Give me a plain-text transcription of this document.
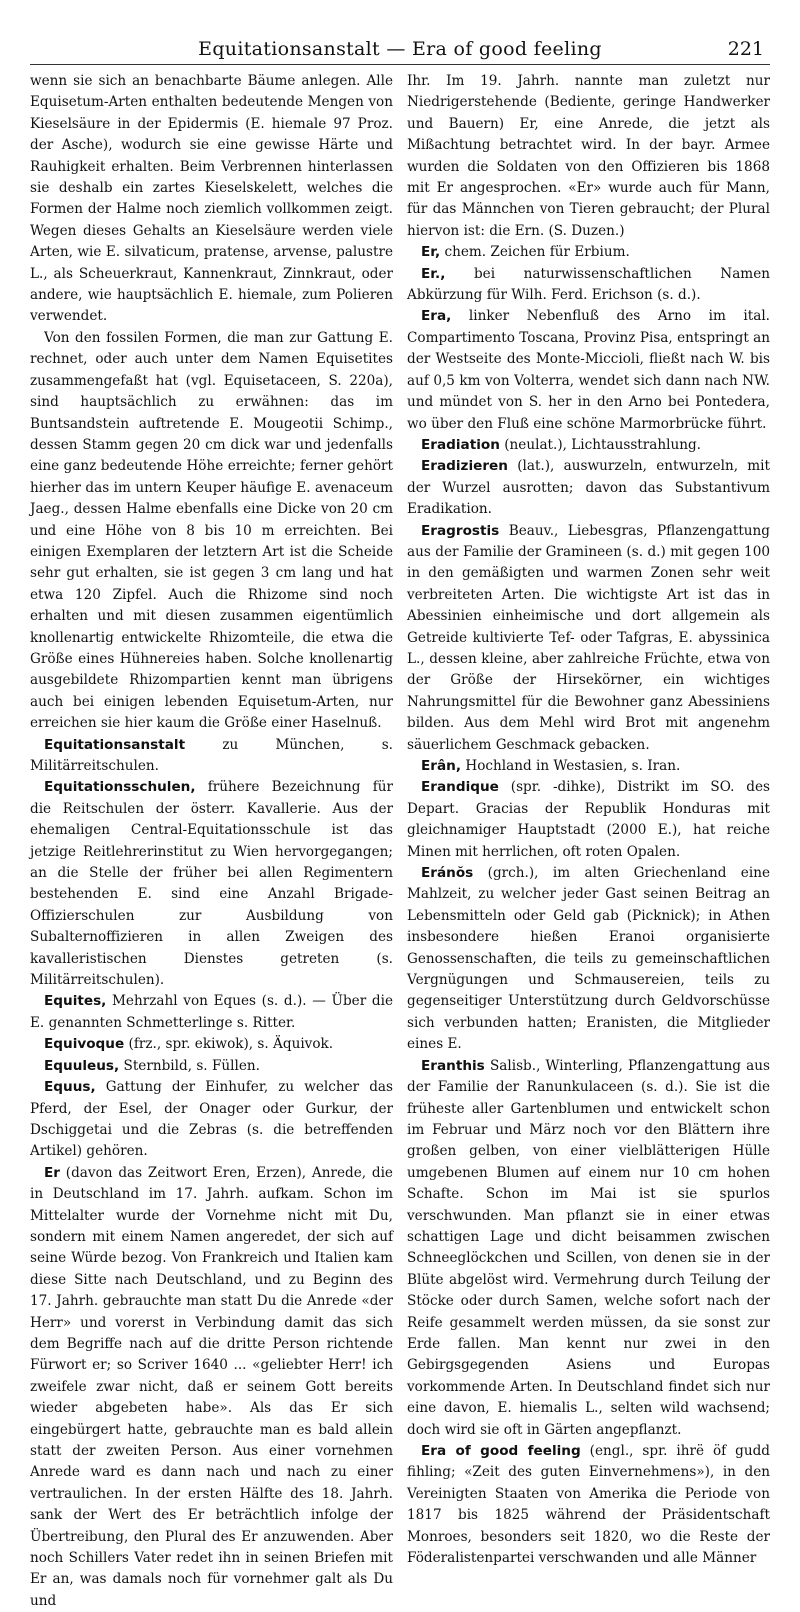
Equitationsanstalt — Era of good feeling	221

wenn sie sich an benachbarte Bäume anlegen. Alle Equisetum-Arten enthalten bedeutende Mengen von Kieselsäure in der Epidermis (E. hiemale 97 Proz. der Asche), wodurch sie eine gewisse Härte und Rauhigkeit erhalten. Beim Verbrennen hinterlassen sie deshalb ein zartes Kieselskelett, welches die Formen der Halme noch ziemlich vollkommen zeigt. Wegen dieses Gehalts an Kieselsäure werden viele Arten, wie E. silvaticum, pratense, arvense, palustre L., als Scheuerkraut, Kannenkraut, Zinnkraut, oder andere, wie hauptsächlich E. hiemale, zum Polieren verwendet.

Von den fossilen Formen, die man zur Gattung E. rechnet, oder auch unter dem Namen Equisetites zusammengefaßt hat (vgl. Equisetaceen, S. 220a), sind hauptsächlich zu erwähnen: das im Buntsandstein auftretende E. Mougeotii Schimp., dessen Stamm gegen 20 cm dick war und jedenfalls eine ganz bedeutende Höhe erreichte; ferner gehört hierher das im untern Keuper häufige E. avenaceum Jaeg., dessen Halme ebenfalls eine Dicke von 20 cm und eine Höhe von 8 bis 10 m erreichten. Bei einigen Exemplaren der letztern Art ist die Scheide sehr gut erhalten, sie ist gegen 3 cm lang und hat etwa 120 Zipfel. Auch die Rhizome sind noch erhalten und mit diesen zusammen eigentümlich knollenartig entwickelte Rhizomteile, die etwa die Größe eines Hühnereies haben. Solche knollenartig ausgebildete Rhizompartien kennt man übrigens auch bei einigen lebenden Equisetum-Arten, nur erreichen sie hier kaum die Größe einer Haselnuß.

Equitationsanstalt	zu München, s. Militärreitschulen.

Equitationsschulen, frühere Bezeichnung für die Reitschulen der österr. Kavallerie. Aus der ehemaligen Central-Equitationsschule ist das jetzige Reitlehrerinstitut zu Wien hervorgegangen; an die Stelle der früher bei allen Regimentern bestehenden E. sind eine Anzahl Brigade-Offizierschulen zur Ausbildung von Subalternoffizieren in allen Zweigen des kavalleristischen Dienstes getreten (s. Militärreitschulen).

Equites, Mehrzahl von Eques (s. d.). — Über die E. genannten Schmetterlinge s. Ritter.

Equivoque (frz., spr. ekiwok), s. Äquivok.

Equuleus, Sternbild, s. Füllen.

Equus, Gattung der Einhufer, zu welcher das Pferd, der Esel, der Onager oder Gurkur, der Dschiggetai und die Zebras (s. die betreffenden Artikel) gehören.

Er (davon das Zeitwort Eren, Erzen), Anrede, die in Deutschland im 17. Jahrh. aufkam. Schon im Mittelalter wurde der Vornehme nicht mit Du, sondern mit einem Namen angeredet, der sich auf seine Würde bezog. Von Frankreich und Italien kam diese Sitte nach Deutschland, und zu Beginn des 17. Jahrh. gebrauchte man statt Du die Anrede «der Herr» und vorerst in Verbindung damit das sich dem Begriffe nach auf die dritte Person richtende Fürwort er; so Scriver 1640 ... «geliebter Herr! ich zweifele zwar nicht, daß er seinem Gott bereits wieder abgebeten habe». Als das Er sich eingebürgert hatte, gebrauchte man es bald allein statt der zweiten Person. Aus einer vornehmen Anrede ward es dann nach und nach zu einer vertraulichen. In der ersten Hälfte des 18. Jahrh. sank der Wert des Er beträchtlich infolge der Übertreibung, den Plural des Er anzuwenden. Aber noch Schillers Vater redet ihn in seinen Briefen mit Er an, was damals noch für vornehmer galt als Du und

Ihr. Im 19. Jahrh. nannte man zuletzt nur Niedrigerstehende (Bediente, geringe Handwerker und Bauern) Er, eine Anrede, die jetzt als Mißachtung betrachtet wird. In der bayr. Armee wurden die Soldaten von den Offizieren bis 1868 mit Er angesprochen. «Er» wurde auch für Mann, für das Männchen von Tieren gebraucht; der Plural hiervon ist: die Ern. (S. Duzen.)

Er, chem. Zeichen für Erbium.

Er., bei naturwissenschaftlichen Namen Abkürzung für Wilh. Ferd. Erichson (s. d.).

Era, linker Nebenfluß des Arno im ital. Compartimento Toscana, Provinz Pisa, entspringt an der Westseite des Monte-Miccioli, fließt nach W. bis auf 0,5 km von Volterra, wendet sich dann nach NW. und mündet von S. her in den Arno bei Pontedera, wo über den Fluß eine schöne Marmorbrücke führt.

Eradiation (neulat.), Lichtausstrahlung.

Eradizieren (lat.), auswurzeln, entwurzeln, mit der Wurzel ausrotten; davon das Substantivum Eradikation.

Eragrostis Beauv., Liebesgras, Pflanzengattung aus der Familie der Gramineen (s. d.) mit gegen 100 in den gemäßigten und warmen Zonen sehr weit verbreiteten Arten. Die wichtigste Art ist das in Abessinien einheimische und dort allgemein als Getreide kultivierte Tef- oder Tafgras, E. abyssinica L., dessen kleine, aber zahlreiche Früchte, etwa von der Größe der Hirsekörner, ein wichtiges Nahrungsmittel für die Bewohner ganz Abessiniens bilden. Aus dem Mehl wird Brot mit angenehm säuerlichem Geschmack gebacken.

Erân, Hochland in Westasien, s. Iran.

Erandique (spr. -dihke), Distrikt im SO. des Depart. Gracias der Republik Honduras mit gleichnamiger Hauptstadt (2000 E.), hat reiche Minen mit herrlichen, oft roten Opalen.

Eránŏs (grch.), im alten Griechenland eine Mahlzeit, zu welcher jeder Gast seinen Beitrag an Lebensmitteln oder Geld gab (Picknick); in Athen insbesondere hießen Eranoi organisierte Genossenschaften, die teils zu gemeinschaftlichen Vergnügungen und Schmausereien, teils zu gegenseitiger Unterstützung durch Geldvorschüsse sich verbunden hatten; Eranisten, die Mitglieder eines E.

Eranthis Salisb., Winterling, Pflanzengattung aus der Familie der Ranunkulaceen (s. d.). Sie ist die früheste aller Gartenblumen und entwickelt schon im Februar und März noch vor den Blättern ihre großen gelben, von einer vielblätterigen Hülle umgebenen Blumen auf einem nur 10 cm hohen Schafte. Schon im Mai ist sie spurlos verschwunden. Man pflanzt sie in einer etwas schattigen Lage und dicht beisammen zwischen Schneeglöckchen und Scillen, von denen sie in der Blüte abgelöst wird. Vermehrung durch Teilung der Stöcke oder durch Samen, welche sofort nach der Reife gesammelt werden müssen, da sie sonst zur Erde fallen. Man kennt nur zwei in den Gebirgsgegenden Asiens und Europas vorkommende Arten. In Deutschland findet sich nur eine davon, E. hiemalis L., selten wild wachsend; doch wird sie oft in Gärten angepflanzt.

Era of good feeling (engl., spr. ihrë öf gudd fihling; «Zeit des guten Einvernehmens»), in den Vereinigten Staaten von Amerika die Periode von 1817 bis 1825 während der Präsidentschaft Monroes, besonders seit 1820, wo die Reste der Föderalistenpartei verschwanden und alle Männer
